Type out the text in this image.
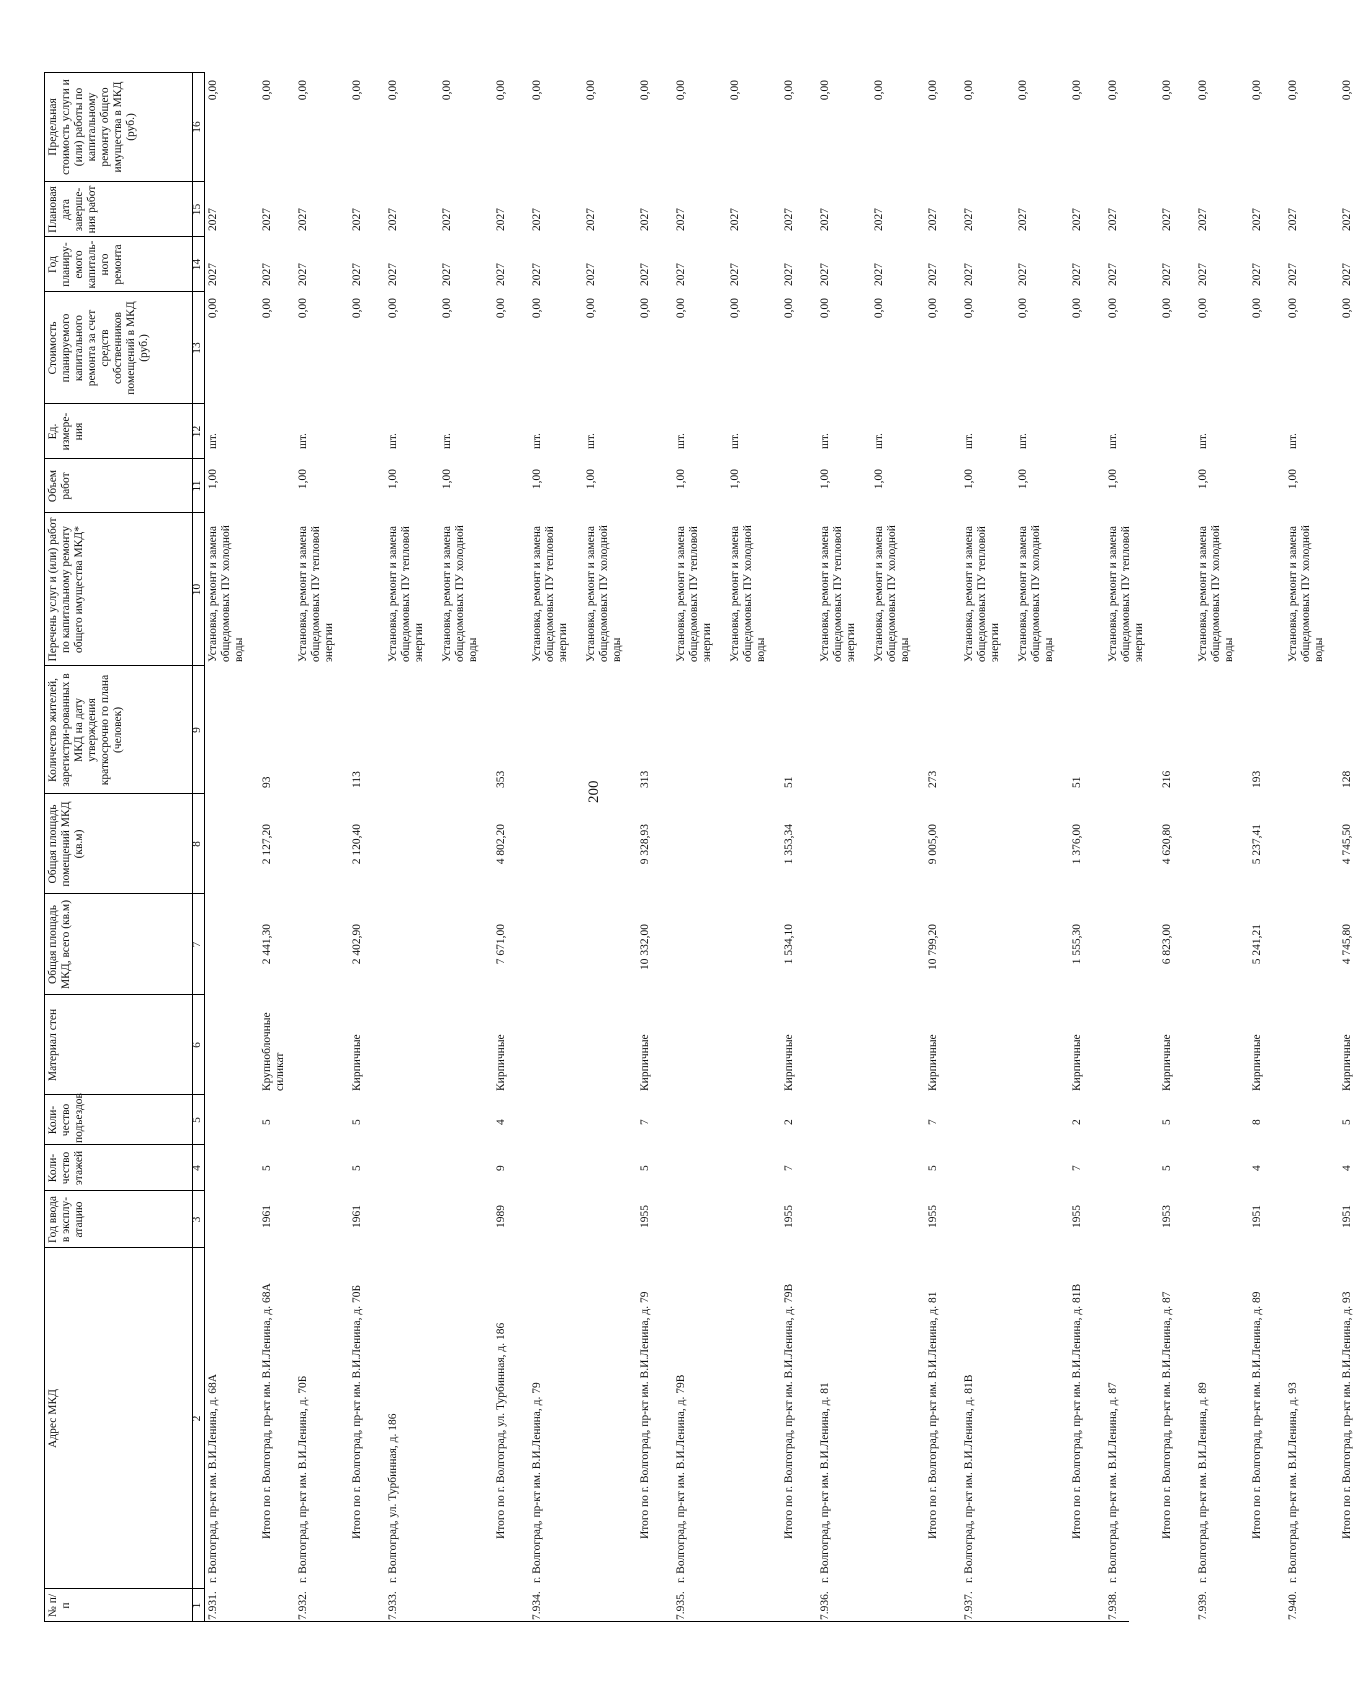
200
№ п/п
Адрес МКД
Год ввода в эксплу-атацию
Коли-чество этажей
Коли-чество подъездов
Материал стен
Общая площадь МКД, всего (кв.м)
Общая площадь помещений МКД (кв.м)
Количество жителей, зарегистри-рованных в МКД на дату утверждения краткосрочно го плана (человек)
Перечень услуг и (или) работ по капитальному ремонту общего имущества МКД*
Объем работ
Ед. измере-ния
Стоимость планируемого капитального ремонта за счет средств собственников помещений в МКД (руб.)
Год планиру-емого капиталь-ного ремонта
Плановая дата заверше-ния работ
Предельная стоимость услуги и (или) работы по капитальному ремонту общего имущества в МКД (руб.)
1
2
3
4
5
6
7
8
9
10
11
12
13
14
15
16
7.931.
г. Волгоград, пр-кт им. В.И.Ленина, д. 68А
Установка, ремонт и замена общедомовых ПУ холодной воды
1,00
шт.
0,00
2027
2027
0,00
Итого по г. Волгоград, пр-кт им. В.И.Ленина, д. 68А
1961
5
5
Крупноблочные силикат
2 441,30
2 127,20
93
0,00
2027
2027
0,00
7.932.
г. Волгоград, пр-кт им. В.И.Ленина, д. 70Б
Установка, ремонт и замена общедомовых ПУ тепловой энергии
1,00
шт.
0,00
2027
2027
0,00
Итого по г. Волгоград, пр-кт им. В.И.Ленина, д. 70Б
1961
5
5
Кирпичные
2 402,90
2 120,40
113
0,00
2027
2027
0,00
7.933.
г. Волгоград, ул. Турбинная, д. 186
Установка, ремонт и замена общедомовых ПУ тепловой энергии
1,00
шт.
0,00
2027
2027
0,00
Установка, ремонт и замена общедомовых ПУ холодной воды
1,00
шт.
0,00
2027
2027
0,00
Итого по г. Волгоград, ул. Турбинная, д. 186
1989
9
4
Кирпичные
7 671,00
4 802,20
353
0,00
2027
2027
0,00
7.934.
г. Волгоград, пр-кт им. В.И.Ленина, д. 79
Установка, ремонт и замена общедомовых ПУ тепловой энергии
1,00
шт.
0,00
2027
2027
0,00
Установка, ремонт и замена общедомовых ПУ холодной воды
1,00
шт.
0,00
2027
2027
0,00
Итого по г. Волгоград, пр-кт им. В.И.Ленина, д. 79
1955
5
7
Кирпичные
10 332,00
9 328,93
313
0,00
2027
2027
0,00
7.935.
г. Волгоград, пр-кт им. В.И.Ленина, д. 79В
Установка, ремонт и замена общедомовых ПУ тепловой энергии
1,00
шт.
0,00
2027
2027
0,00
Установка, ремонт и замена общедомовых ПУ холодной воды
1,00
шт.
0,00
2027
2027
0,00
Итого по г. Волгоград, пр-кт им. В.И.Ленина, д. 79В
1955
7
2
Кирпичные
1 534,10
1 353,34
51
0,00
2027
2027
0,00
7.936.
г. Волгоград, пр-кт им. В.И.Ленина, д. 81
Установка, ремонт и замена общедомовых ПУ тепловой энергии
1,00
шт.
0,00
2027
2027
0,00
Установка, ремонт и замена общедомовых ПУ холодной воды
1,00
шт.
0,00
2027
2027
0,00
Итого по г. Волгоград, пр-кт им. В.И.Ленина, д. 81
1955
5
7
Кирпичные
10 799,20
9 005,00
273
0,00
2027
2027
0,00
7.937.
г. Волгоград, пр-кт им. В.И.Ленина, д. 81В
Установка, ремонт и замена общедомовых ПУ тепловой энергии
1,00
шт.
0,00
2027
2027
0,00
Установка, ремонт и замена общедомовых ПУ холодной воды
1,00
шт.
0,00
2027
2027
0,00
Итого по г. Волгоград, пр-кт им. В.И.Ленина, д. 81В
1955
7
2
Кирпичные
1 555,30
1 376,00
51
0,00
2027
2027
0,00
7.938.
г. Волгоград, пр-кт им. В.И.Ленина, д. 87
Установка, ремонт и замена общедомовых ПУ тепловой энергии
1,00
шт.
0,00
2027
2027
0,00
Итого по г. Волгоград, пр-кт им. В.И.Ленина, д. 87
1953
5
5
Кирпичные
6 823,00
4 620,80
216
0,00
2027
2027
0,00
7.939.
г. Волгоград, пр-кт им. В.И.Ленина, д. 89
Установка, ремонт и замена общедомовых ПУ холодной воды
1,00
шт.
0,00
2027
2027
0,00
Итого по г. Волгоград, пр-кт им. В.И.Ленина, д. 89
1951
4
8
Кирпичные
5 241,21
5 237,41
193
0,00
2027
2027
0,00
7.940.
г. Волгоград, пр-кт им. В.И.Ленина, д. 93
Установка, ремонт и замена общедомовых ПУ холодной воды
1,00
шт.
0,00
2027
2027
0,00
Итого по г. Волгоград, пр-кт им. В.И.Ленина, д. 93
1951
4
5
Кирпичные
4 745,80
4 745,50
128
0,00
2027
2027
0,00
